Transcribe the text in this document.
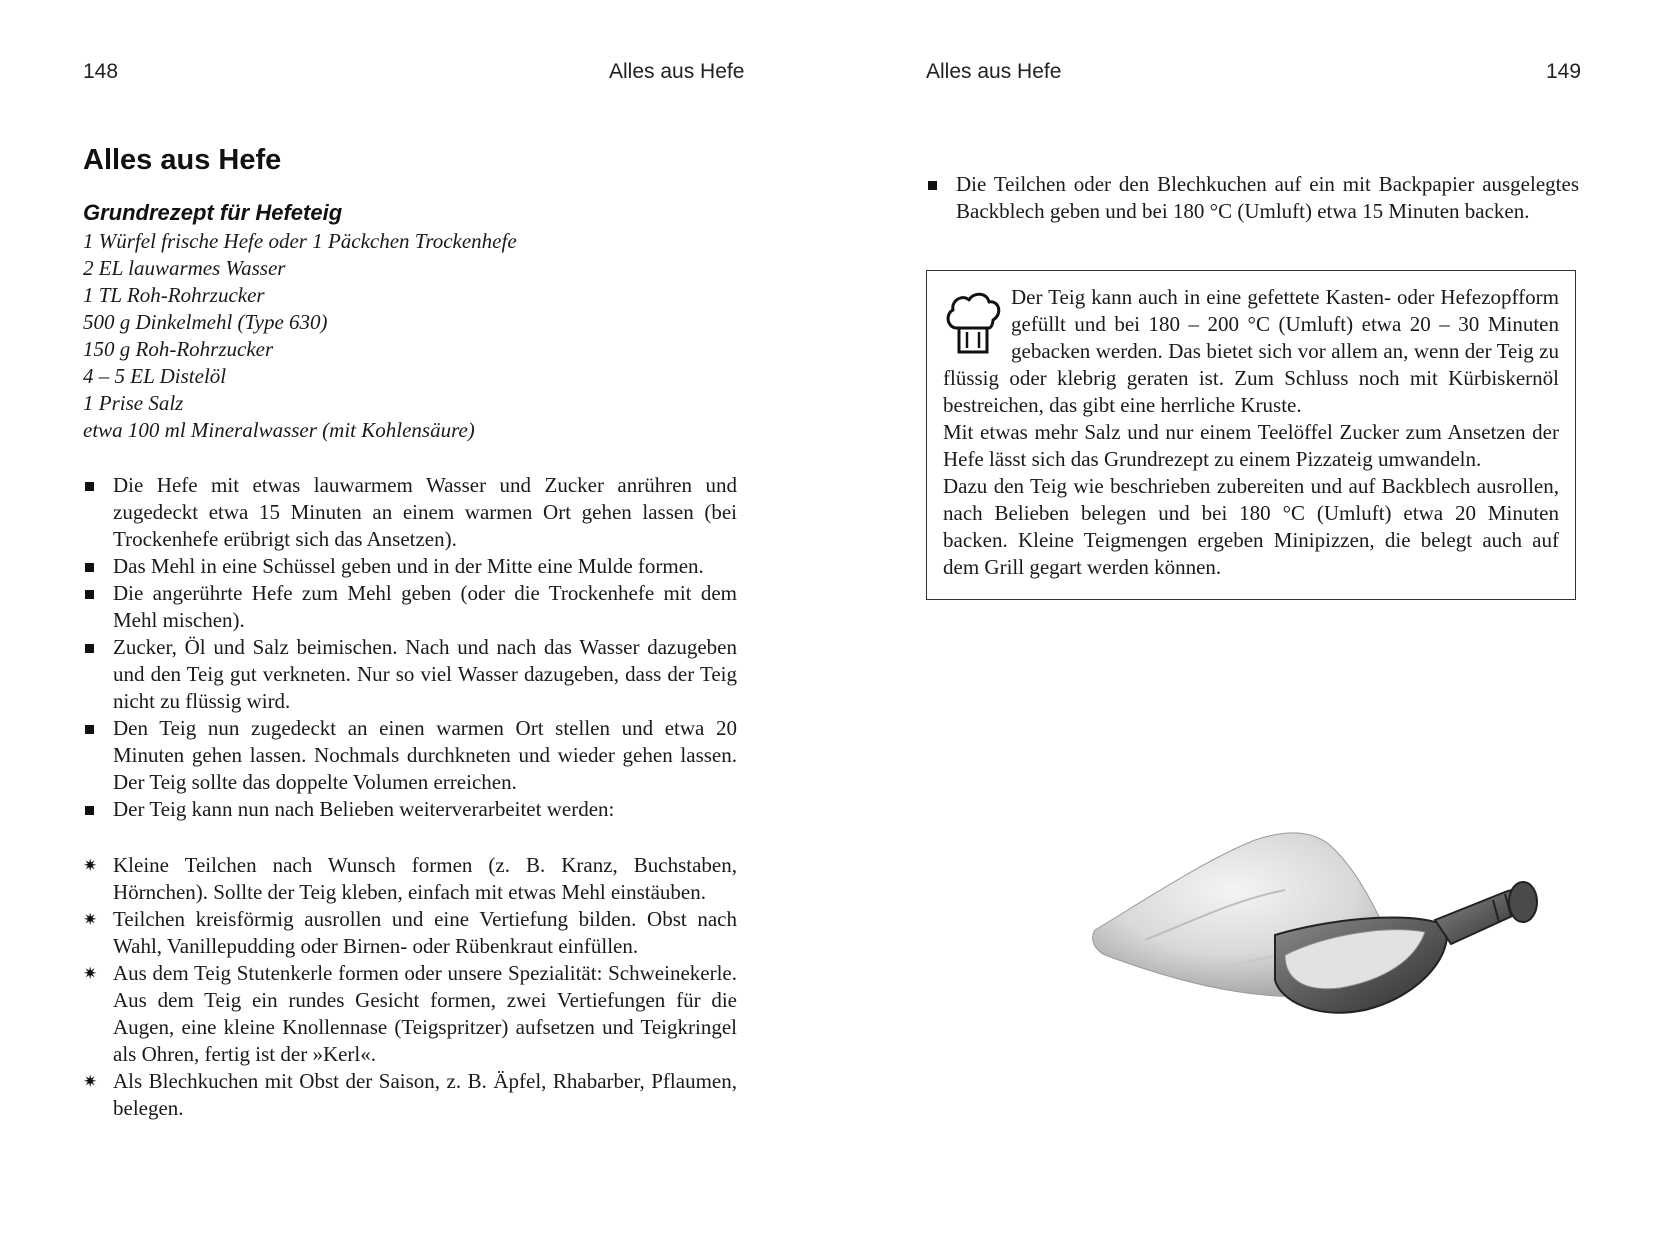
148	Alles aus Hefe
Alles aus Hefe
Grundrezept für Hefeteig
1 Würfel frische Hefe oder 1 Päckchen Trockenhefe
2 EL lauwarmes Wasser
1 TL Roh-Rohrzucker
500 g Dinkelmehl (Type 630)
150 g Roh-Rohrzucker
4 – 5 EL Distelöl
1 Prise Salz
etwa 100 ml Mineralwasser (mit Kohlensäure)
Die Hefe mit etwas lauwarmem Wasser und Zucker anrühren und zugedeckt etwa 15 Minuten an einem warmen Ort gehen lassen (bei Trockenhefe erübrigt sich das Ansetzen).
Das Mehl in eine Schüssel geben und in der Mitte eine Mulde formen.
Die angerührte Hefe zum Mehl geben (oder die Trockenhefe mit dem Mehl mischen).
Zucker, Öl und Salz beimischen. Nach und nach das Wasser dazugeben und den Teig gut verkneten. Nur so viel Wasser dazugeben, dass der Teig nicht zu flüssig wird.
Den Teig nun zugedeckt an einen warmen Ort stellen und etwa 20 Minuten gehen lassen. Nochmals durchkneten und wieder gehen lassen. Der Teig sollte das doppelte Volumen erreichen.
Der Teig kann nun nach Belieben weiterverarbeitet werden:
✷ Kleine Teilchen nach Wunsch formen (z. B. Kranz, Buchstaben, Hörnchen). Sollte der Teig kleben, einfach mit etwas Mehl einstäuben.
✷ Teilchen kreisförmig ausrollen und eine Vertiefung bilden. Obst nach Wahl, Vanillepudding oder Birnen- oder Rübenkraut einfüllen.
✷ Aus dem Teig Stutenkerle formen oder unsere Spezialität: Schweinekerle. Aus dem Teig ein rundes Gesicht formen, zwei Vertiefungen für die Augen, eine kleine Knollennase (Teigspritzer) aufsetzen und Teigkringel als Ohren, fertig ist der »Kerl«.
✷ Als Blechkuchen mit Obst der Saison, z. B. Äpfel, Rhabarber, Pflaumen, belegen.
Alles aus Hefe	149
Die Teilchen oder den Blechkuchen auf ein mit Backpapier ausgelegtes Backblech geben und bei 180 °C (Umluft) etwa 15 Minuten backen.

Der Teig kann auch in eine gefettete Kasten- oder Hefezopfform gefüllt und bei 180 – 200 °C (Umluft) etwa 20 – 30 Minuten gebacken werden. Das bietet sich vor allem an, wenn der Teig zu flüssig oder klebrig geraten ist. Zum Schluss noch mit Kürbiskernöl bestreichen, das gibt eine herrliche Kruste.

Mit etwas mehr Salz und nur einem Teelöffel Zucker zum Ansetzen der Hefe lässt sich das Grundrezept zu einem Pizzateig umwandeln.

Dazu den Teig wie beschrieben zubereiten und auf Backblech ausrollen, nach Belieben belegen und bei 180 °C (Umluft) etwa 20 Minuten backen. Kleine Teigmengen ergeben Minipizzen, die belegt auch auf dem Grill gegart werden können.
